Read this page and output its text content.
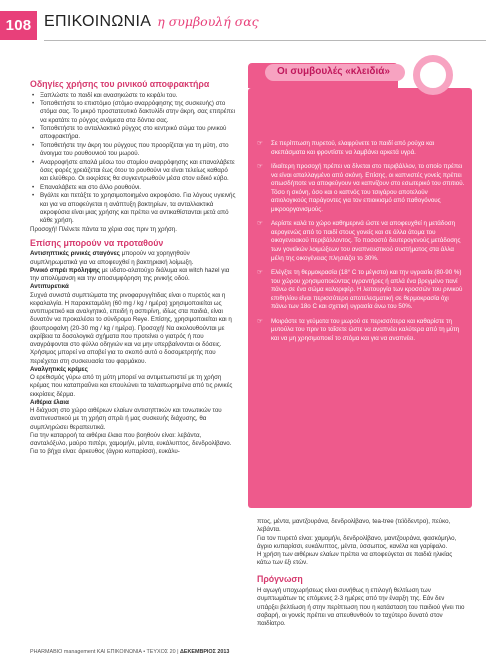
108 ΕΠΙΚΟΙΝΩΝΙΑ η συμβουλή σας
Οδηγίες χρήσης του ρινικού αποφρακτήρα
• Ξαπλώστε το παιδί και ανασηκώστε το κεφάλι του.
• Τοποθετήστε το επιστόμιο (στόμιο αναρρόφησης της συσκευής) στο στόμα σας. Το μικρό προστατευτικό δακτυλίδι στην άκρη, σας επιτρέπει να κρατάτε το ρύγχος ανάμεσα στα δόντια σας.
• Τοποθετήστε το ανταλλακτικό ρύγχος στο κεντρικό σώμα του ρινικού αποφρακτήρα.
• Τοποθετήστε την άκρη του ρύγχους που προορίζεται για τη μύτη, στο άνοιγμα του ρουθουνιού του μωρού.
• Αναρροφήστε απαλά μέσω του στομίου αναρρόφησης και επαναλάβετε όσες φορές χρειάζεται έως ότου το ρουθούνι να είναι τελείως καθαρό και ελεύθερο. Οι εκκρίσεις θα συγκεντρωθούν μέσα στον ειδικό κύβο.
• Επαναλάβετε και στο άλλο ρουθούνι.
• Βγάλτε και πετάξτε το χρησιμοποιημένο ακροφύσιο. Για λόγους υγιεινής και για να αποφεύγεται η ανάπτυξη βακτηρίων, τα ανταλλακτικά ακροφύσια είναι μιας χρήσης και πρέπει να αντικαθίστανται μετά από κάθε χρήση.

Προσοχή! Πλένετε πάντα τα χέρια σας πριν τη χρήση.

Επίσης μπορούν να προταθούν

Αντισηπτικές ρινικές σταγόνες μπορούν να χορηγηθούν συμπληρωματικά για να αποφευχθεί η βακτηριακή λοίμωξη.

Ρινικό σπρέι πρόληψης με υδατο-αλατούχο διάλυμα και witch hazel για την απολύμανση και την αποσυμφόρηση της ρινικής οδού.

Αντιπυρετικά

Συχνά συνιστά συμπτώματα της ρινοφαρυγγίτιδας είναι ο πυρετός και η κεφαλαλγία. Η παρακεταμόλη (60 mg / kg / ημέρα) χρησιμοποιείται ως αντιπυρετικό και αναλγητικό, επειδή η ασπιρίνη, ιδίως στα παιδιά, είναι δυνατόν να προκαλέσει το σύνδρομο Reye. Επίσης, χρησιμοποιείται και η ιβουπροφαίνη (20-30 mg / kg / ημέρα). Προσοχή! Να ακολουθούνται με ακρίβεια τα δοσολογικά σχήματα που προτείνει ο γιατρός ή που αναγράφονται στο φύλλο οδηγιών και να μην υπερβαίνονται οι δόσεις. Χρήσιμος μπορεί να αποβεί για το σκοπό αυτό ο δοσομετρητής που περιέχεται στη συσκευασία του φαρμάκου.

Αναλγητικές κρέμες

Ο ερεθισμός γύρω από τη μύτη μπορεί να αντιμετωπιστεί με τη χρήση κρέμας που καταπραΰνει και επουλώνει τα ταλαιπωρημένα από τις ρινικές εκκρίσεις δέρμα.

Αιθέρια έλαια

Η διάχυση στο χώρο αιθέριων ελαίων αντισηπτικών και τονωτικών του αναπνευστικού με τη χρήση σπρέι ή μας συσκευής διάχυσης, θα συμπληρώσει θεραπευτικά.

Για την καταρροή τα αιθέρια έλαια που βοηθούν είναι: λεβάντα, σανταλόξυλο, μαύρο πιπέρι, χαμομήλι, μέντα, ευκάλυπτος, δενδρολίβανο.

Για το βήχα είναι: άρκευθος (άγριο κυπαρίσσι), ευκάλυ-

Οι συμβουλές «κλειδιά»
☞ Σε περίπτωση πυρετού, ελαφρύνετε το παιδί από ρούχα και σκεπάσματα και φροντίστε να λαμβάνει αρκετά υγρά.
☞ Ιδιαίτερη προσοχή πρέπει να δίνεται στο περιβάλλον, το οποίο πρέπει να είναι απαλλαγμένο από σκόνη. Επίσης, οι καπνιστές γονείς πρέπει οπωσδήποτε να αποφεύγουν να καπνίζουν στο εσωτερικό του σπιτιού. Τόσο η σκόνη, όσο και ο καπνός του τσιγάρου αποτελούν αιτιολογικούς παράγοντες για τον επιοικισμό από παθογόνους μικροοργανισμούς.
☞ Αερίστε καλά το χώρο καθημερινά ώστε να αποφευχθεί η μετάδοση αερογενώς από το παιδί στους γονείς και σε άλλα άτομα του οικογενειακού περιβάλλοντος. Το ποσοστό δευτερογενούς μετάδοσης των γονεϊκών λοιμώξεων του αναπνευστικού συστήματος στα άλλα μέλη της οικογένειας πλησιάζει το 30%.
☞ Ελέγξτε τη θερμοκρασία (18° C το μέγιστο) και την υγρασία (80-90 %) του χώρου χρησιμοποιώντας υγραντήρες ή απλά ένα βρεγμένο πανί πάνω σε ένα σώμα καλοριφέρ. Η λειτουργία των κροσσών του ρινικού επιθηλίου είναι περισσότερο αποτελεσματική σε θερμοκρασία όχι πάνω των 18o C και σχετική υγρασία άνω του 50%.
☞ Μοιράστε τα γεύματα του μωρού σε περισσότερα και καθαρίστε τη μυτούλα του πριν το ταΐσετε ώστε να αναπνέει καλύτερα από τη μύτη και να μη χρησιμοποιεί το στόμα και για να αναπνέει.

πτος, μέντα, μαντζουράνα, δενδρολίβανο, tea-tree (τεϊόδεντρο), πεύκο, λεβάντα.

Για τον πυρετό είναι: χαμομήλι, δενδρολίβανο, μαντζουράνα, φασκόμηλο, άγριο κυπαρίσσι, ευκάλυπτος, μέντα, ύσσωπος, κανέλα και γαρίφαλο.

Η χρήση των αιθέριων ελαίων πρέπει να αποφεύγεται σε παιδιά ηλικίας κάτω των έξι ετών.

Πρόγνωση

Η αγωγή υποχωρήσεως είναι συνήθως η επιλογή θελτίωση των συμπτωμάτων τις επόμενες 2-3 ημέρες από την έναρξη της. Εάν δεν υπάρξει βελτίωση ή στην περίπτωση που η κατάσταση του παιδιού γίνει πιο σοβαρή, οι γονείς πρέπει να απευθυνθούν το ταχύτερο δυνατό στον παιδίατρο.

PHARMABIO management ΚΑΙ ΕΠΙΚΟΙΝΩΝΙΑ • ΤΕΥΧΟΣ 20 | ΔΕΚΕΜΒΡΙΟΣ 2013
